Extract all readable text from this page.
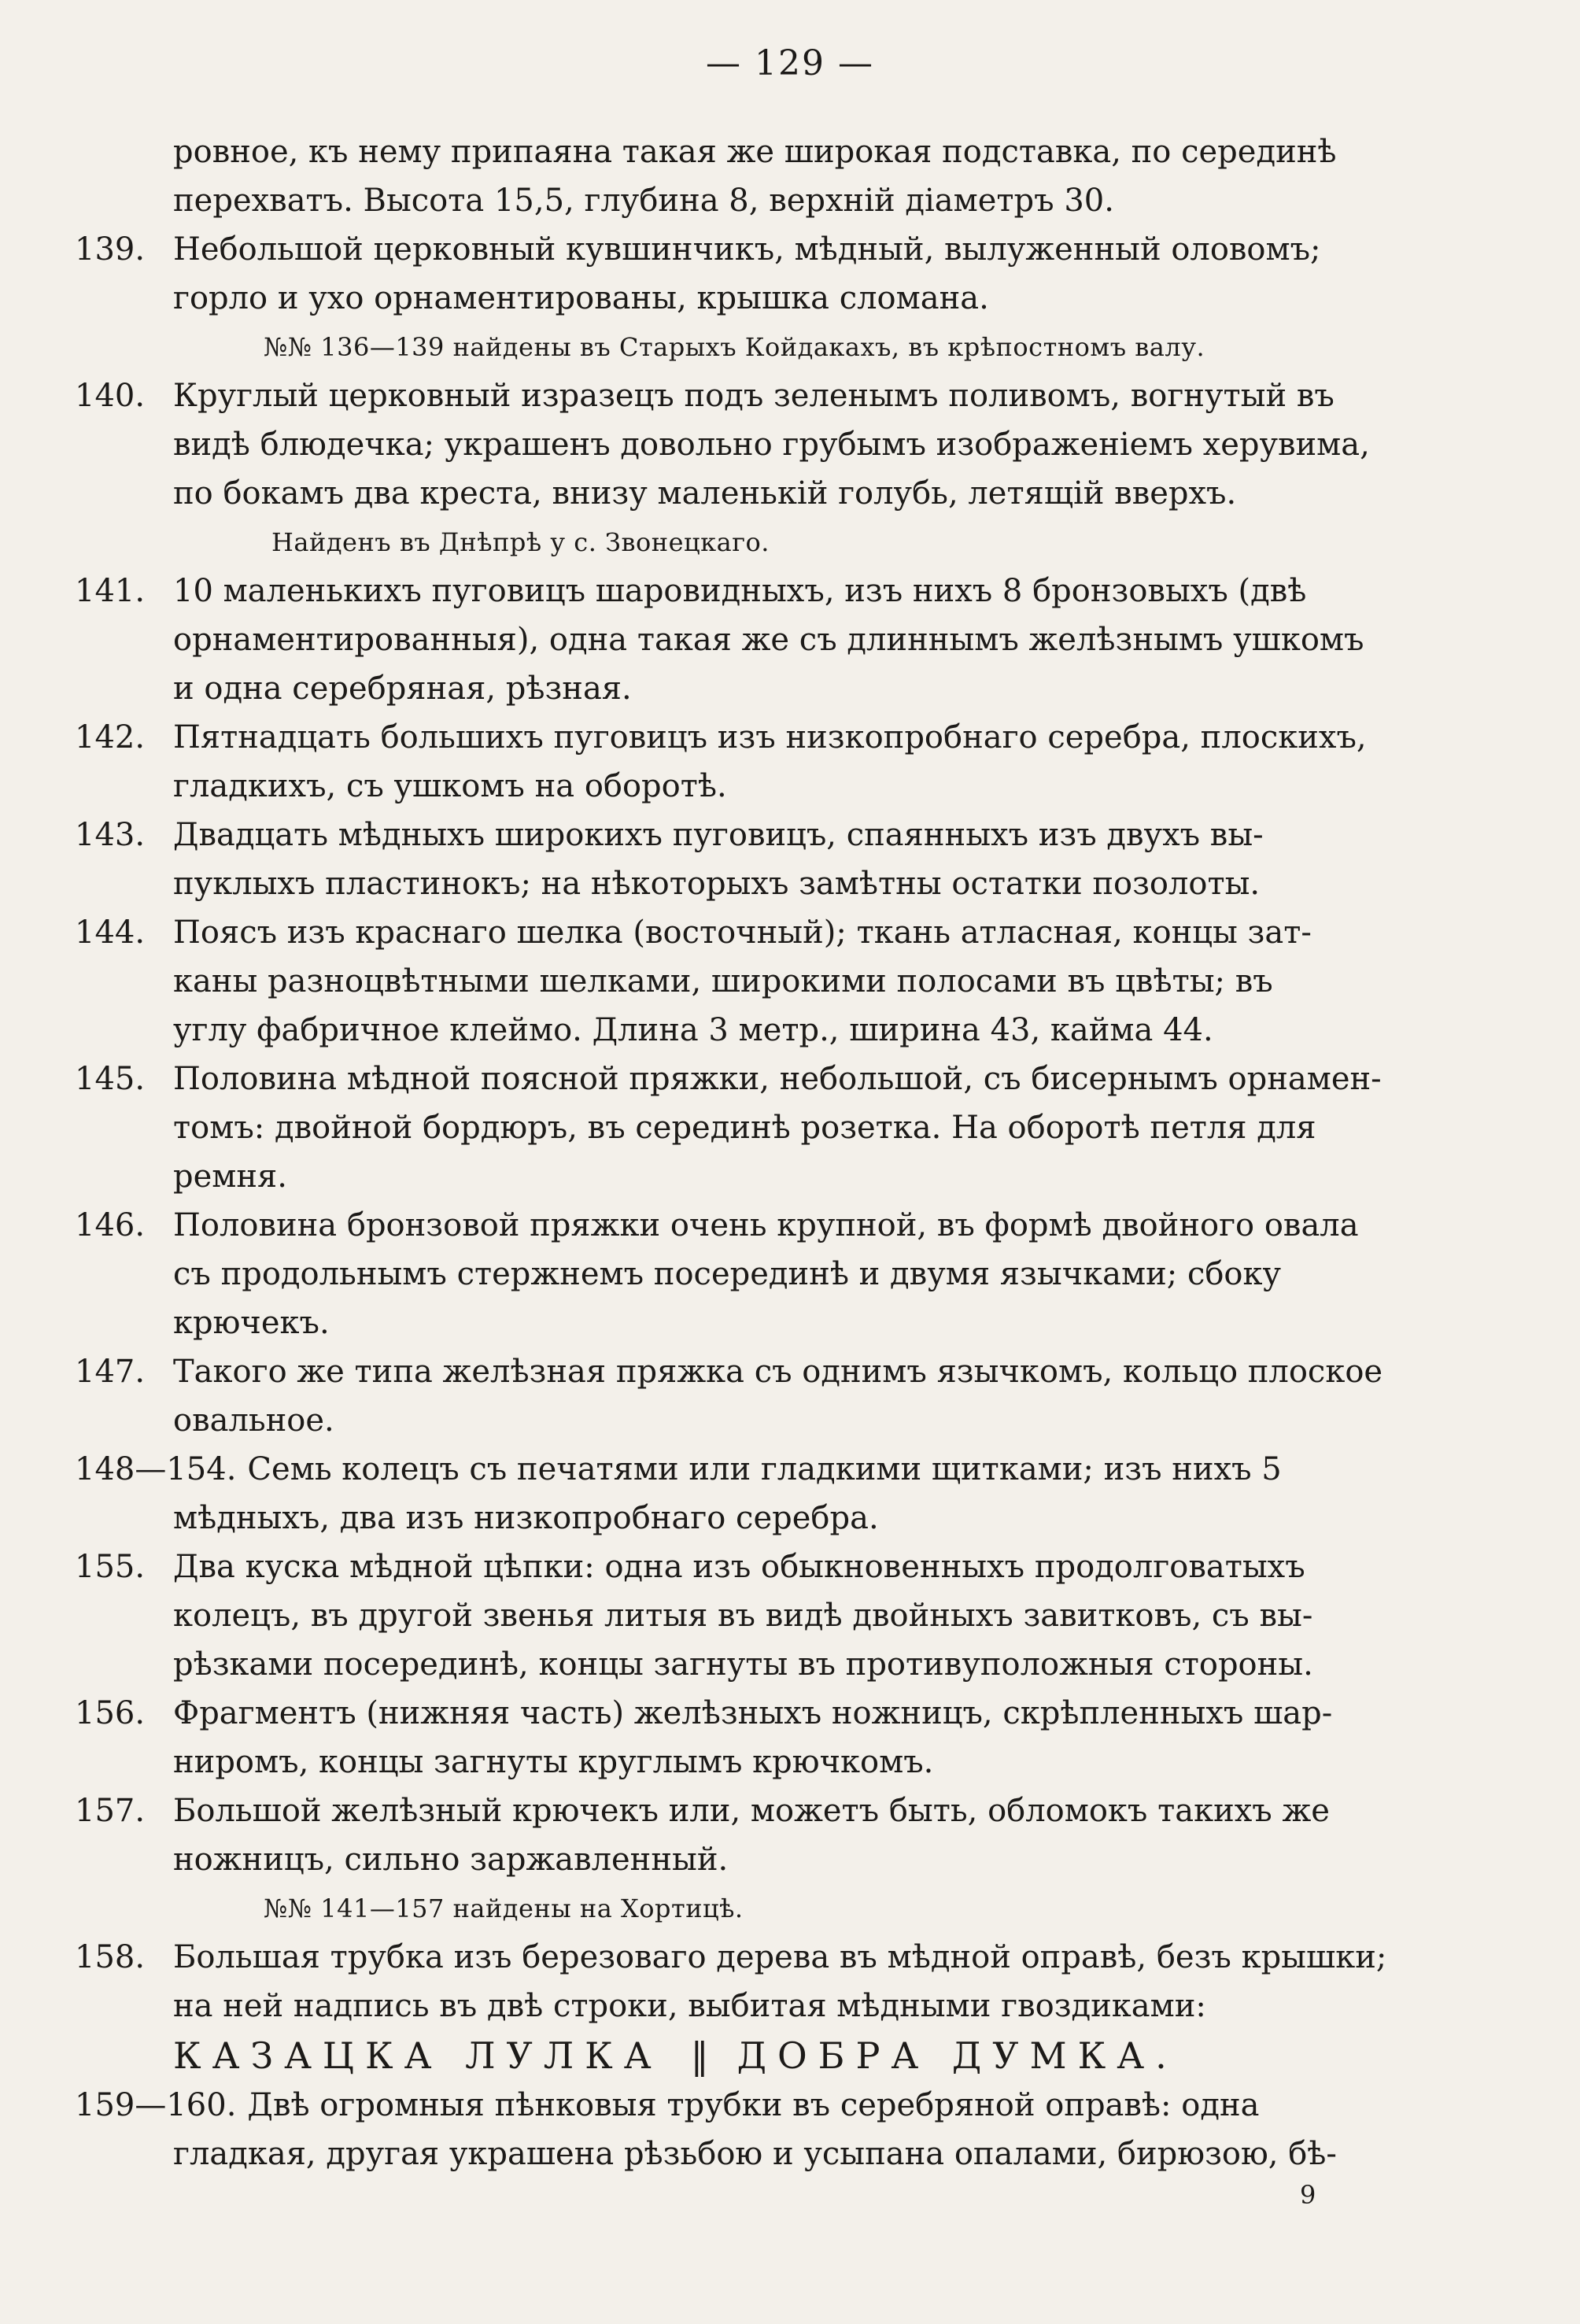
— 129 —

ровное, къ нему припаяна такая же широкая подставка, по серединѣ

перехватъ. Высота 15,5, глубина 8, верхній діаметръ 30.

139. Небольшой церковный кувшинчикъ, мѣдный, вылуженный оловомъ;

горло и ухо орнаментированы, крышка сломана.

№№ 136—139 найдены въ Старыхъ Койдакахъ, въ крѣпостномъ валу.

140. Круглый церковный изразецъ подъ зеленымъ поливомъ, вогнутый въ

видѣ блюдечка; украшенъ довольно грубымъ изображеніемъ херувима,

по бокамъ два креста, внизу маленькій голубь, летящій вверхъ.

Найденъ въ Днѣпрѣ у с. Звонецкаго.

141. 10 маленькихъ пуговицъ шаровидныхъ, изъ нихъ 8 бронзовыхъ (двѣ

орнаментированныя), одна такая же съ длиннымъ желѣзнымъ ушкомъ

и одна серебряная, рѣзная.

142. Пятнадцать большихъ пуговицъ изъ низкопробнаго серебра, плоскихъ,

гладкихъ, съ ушкомъ на оборотѣ.

143. Двадцать мѣдныхъ широкихъ пуговицъ, спаянныхъ изъ двухъ вы-

пуклыхъ пластинокъ; на нѣкоторыхъ замѣтны остатки позолоты.

144. Поясъ изъ краснаго шелка (восточный); ткань атласная, концы зат-

каны разноцвѣтными шелками, широкими полосами въ цвѣты; въ

углу фабричное клеймо. Длина 3 метр., ширина 43, кайма 44.

145. Половина мѣдной поясной пряжки, небольшой, съ бисернымъ орнамен-

томъ: двойной бордюръ, въ серединѣ розетка. На оборотѣ петля для

ремня.

146. Половина бронзовой пряжки очень крупной, въ формѣ двойного овала

съ продольнымъ стержнемъ посерединѣ и двумя язычками; сбоку

крючекъ.

147. Такого же типа желѣзная пряжка съ однимъ язычкомъ, кольцо плоское

овальное.

148—154. Семь колецъ съ печатями или гладкими щитками; изъ нихъ 5

мѣдныхъ, два изъ низкопробнаго серебра.

155. Два куска мѣдной цѣпки: одна изъ обыкновенныхъ продолговатыхъ

колецъ, въ другой звенья литыя въ видѣ двойныхъ завитковъ, съ вы-

рѣзками посерединѣ, концы загнуты въ противуположныя стороны.

156. Фрагментъ (нижняя часть) желѣзныхъ ножницъ, скрѣпленныхъ шар-

ниромъ, концы загнуты круглымъ крючкомъ.

157. Большой желѣзный крючекъ или, можетъ быть, обломокъ такихъ же

ножницъ, сильно заржавленный.

№№ 141—157 найдены на Хортицѣ.

158. Большая трубка изъ березоваго дерева въ мѣдной оправѣ, безъ крышки;

на ней надпись въ двѣ строки, выбитая мѣдными гвоздиками:

КАЗАЦКА ЛУЛКА ‖ ДОБРА ДУМКА.

159—160. Двѣ огромныя пѣнковыя трубки въ серебряной оправѣ: одна

гладкая, другая украшена рѣзьбою и усыпана опалами, бирюзою, бѣ-

9
